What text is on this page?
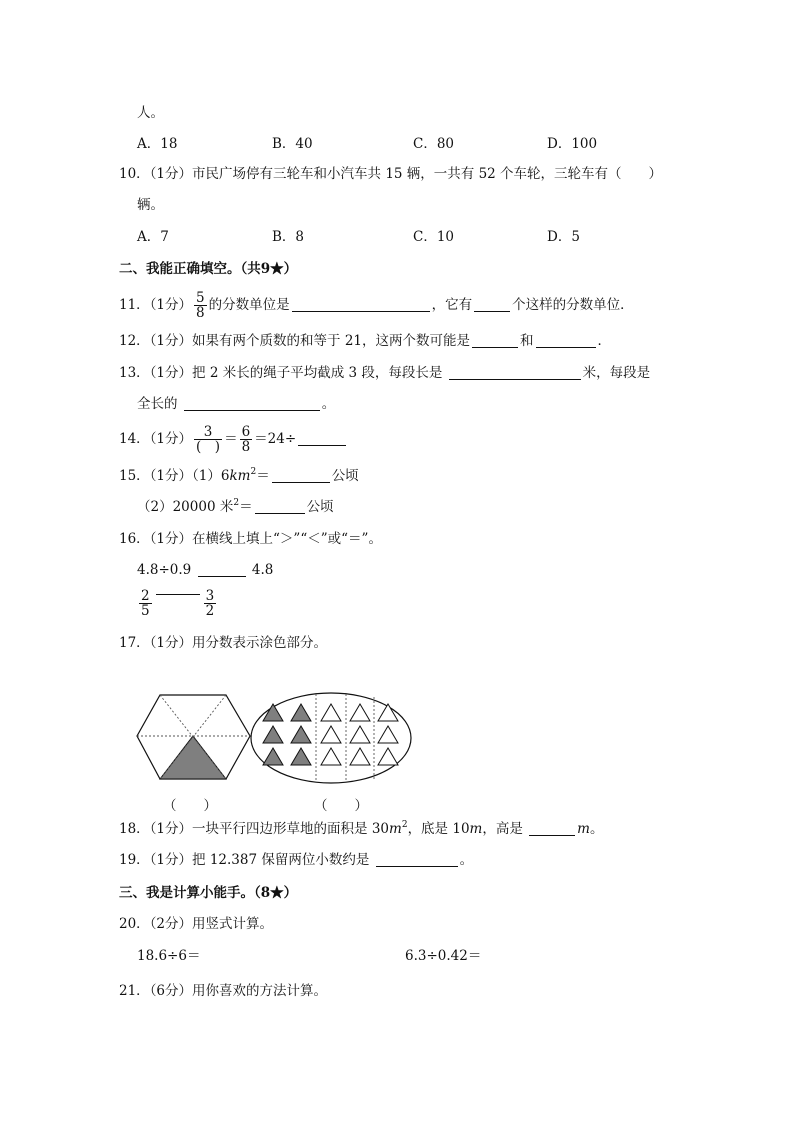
人。
A．18	B．40	C．80	D．100
10．（1分）市民广场停有三轮车和小汽车共 15 辆，一共有 52 个车轮，三轮车有（　　）
辆。
A．7	B．8	C．10	D．5
二、我能正确填空。（共9★）
11．（1分） $\frac{5}{8}$ 的分数单位是	，它有	个这样的分数单位．
12．（1分）如果有两个质数的和等于 21，这两个数可能是	和	．
13．（1分）把 2 米长的绳子平均截成 3 段，每段长是	米，每段是
全长的	。
14．（1分） $\frac{3}{( )} = \frac{6}{8} =24\div$
15．（1分）$(1)6km^2=$	公顷
（2）20000 米$^2$＝	公顷
16．（1分）在横线上填上“＞”“＜”或“＝”。
4.8÷0.9	4.8
$\frac{2}{5}$	$\frac{3}{2}$
17．（1分）用分数表示涂色部分。
（　　）	（　　）
18．（1分）一块平行四边形草地的面积是 $30m^2$，底是 10m，高是	m。
19．（1分）把 12.387 保留两位小数约是	。
三、我是计算小能手。（8★）
20．（2分）用竖式计算。
18.6÷6＝	6.3÷0.42＝
21．（6分）用你喜欢的方法计算。
